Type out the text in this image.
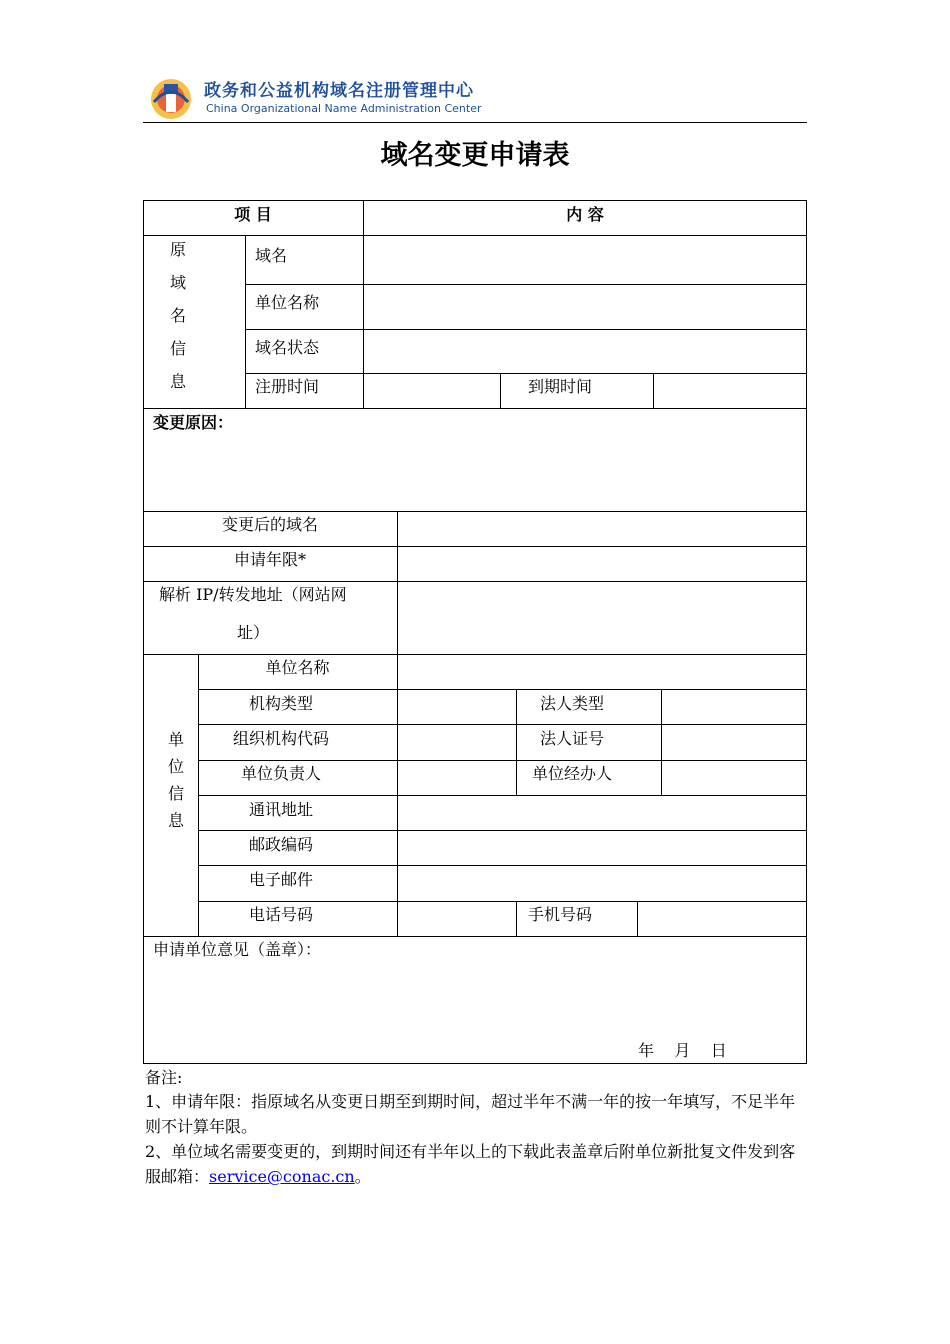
政务和公益机构域名注册管理中心
China Organizational Name Administration Center
域名变更申请表
项 目	内 容
原
域
名
信
息
域名
单位名称
域名状态
注册时间	到期时间
变更原因：
变更后的域名
申请年限*
解析 IP/转发地址（网站网
址）
单
位
信
息
单位名称
机构类型	法人类型
组织机构代码	法人证号
单位负责人	单位经办人
通讯地址
邮政编码
电子邮件
电话号码	手机号码
申请单位意见（盖章）：
年    月    日
备注:
1、申请年限：指原域名从变更日期至到期时间，超过半年不满一年的按一年填写，不足半年则不计算年限。
2、单位域名需要变更的，到期时间还有半年以上的下载此表盖章后附单位新批复文件发到客服邮箱：service@conac.cn。
